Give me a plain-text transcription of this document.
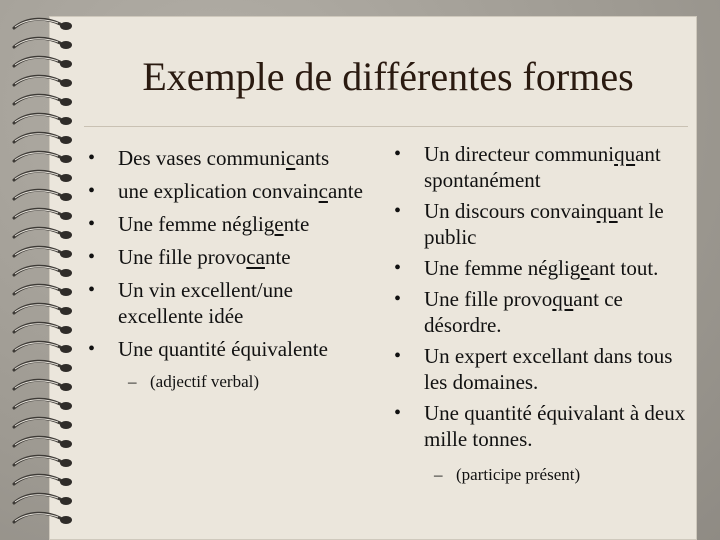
Exemple de différentes formes
• Des vases communicants
• une explication convaincante
• Une femme négligente
• Une fille provocante
• Un vin excellent/une excellente idée
• Une quantité équivalente
– (adjectif verbal)
• Un directeur communiquant spontanément
• Un discours convainquant le public
• Une femme négligeant tout.
• Une fille provoquant ce désordre.
• Un expert excellant dans tous les domaines.
• Une quantité équivalant à deux mille tonnes.
– (participe présent)
